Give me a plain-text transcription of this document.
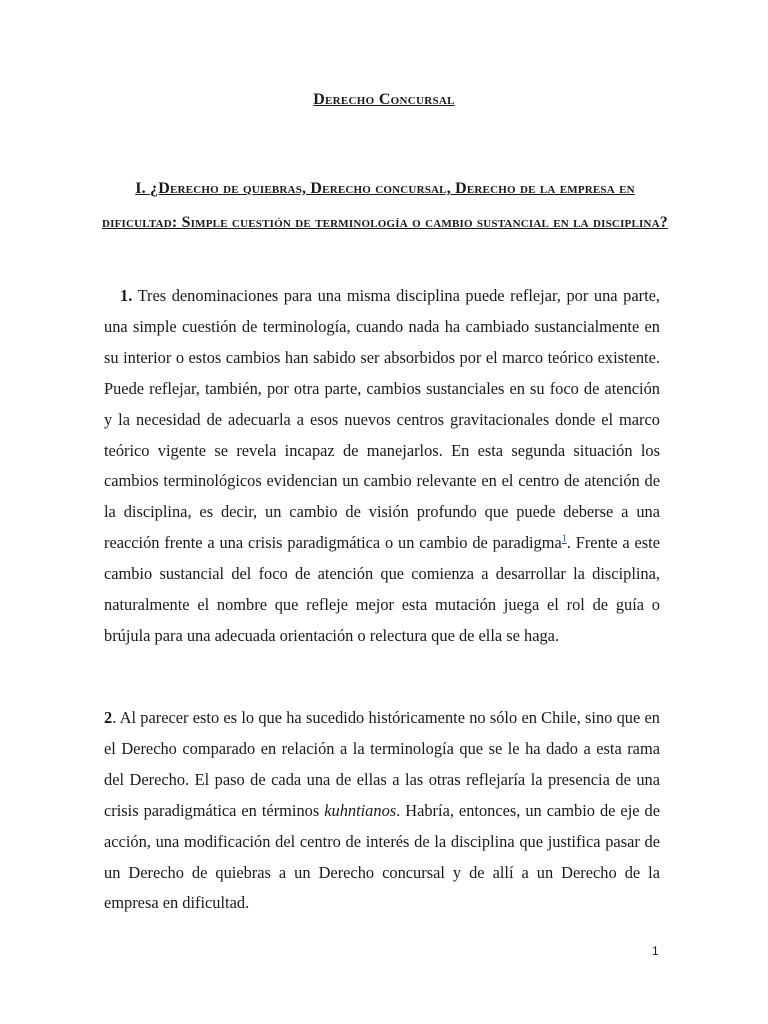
Derecho Concursal
I. ¿Derecho de quiebras, Derecho concursal, Derecho de la empresa en dificultad: Simple cuestión de terminología o cambio sustancial en la disciplina?

1. Tres denominaciones para una misma disciplina puede reflejar, por una parte, una simple cuestión de terminología, cuando nada ha cambiado sustancialmente en su interior o estos cambios han sabido ser absorbidos por el marco teórico existente. Puede reflejar, también, por otra parte, cambios sustanciales en su foco de atención y la necesidad de adecuarla a esos nuevos centros gravitacionales donde el marco teórico vigente se revela incapaz de manejarlos. En esta segunda situación los cambios terminológicos evidencian un cambio relevante en el centro de atención de la disciplina, es decir, un cambio de visión profundo que puede deberse a una reacción frente a una crisis paradigmática o un cambio de paradigma$^1$. Frente a este cambio sustancial del foco de atención que comienza a desarrollar la disciplina, naturalmente el nombre que refleje mejor esta mutación juega el rol de guía o brújula para una adecuada orientación o relectura que de ella se haga.

2. Al parecer esto es lo que ha sucedido históricamente no sólo en Chile, sino que en el Derecho comparado en relación a la terminología que se le ha dado a esta rama del Derecho. El paso de cada una de ellas a las otras reflejaría la presencia de una crisis paradigmática en términos kuhntianos. Habría, entonces, un cambio de eje de acción, una modificación del centro de interés de la disciplina que justifica pasar de un Derecho de quiebras a un Derecho concursal y de allí a un Derecho de la empresa en dificultad.

1
